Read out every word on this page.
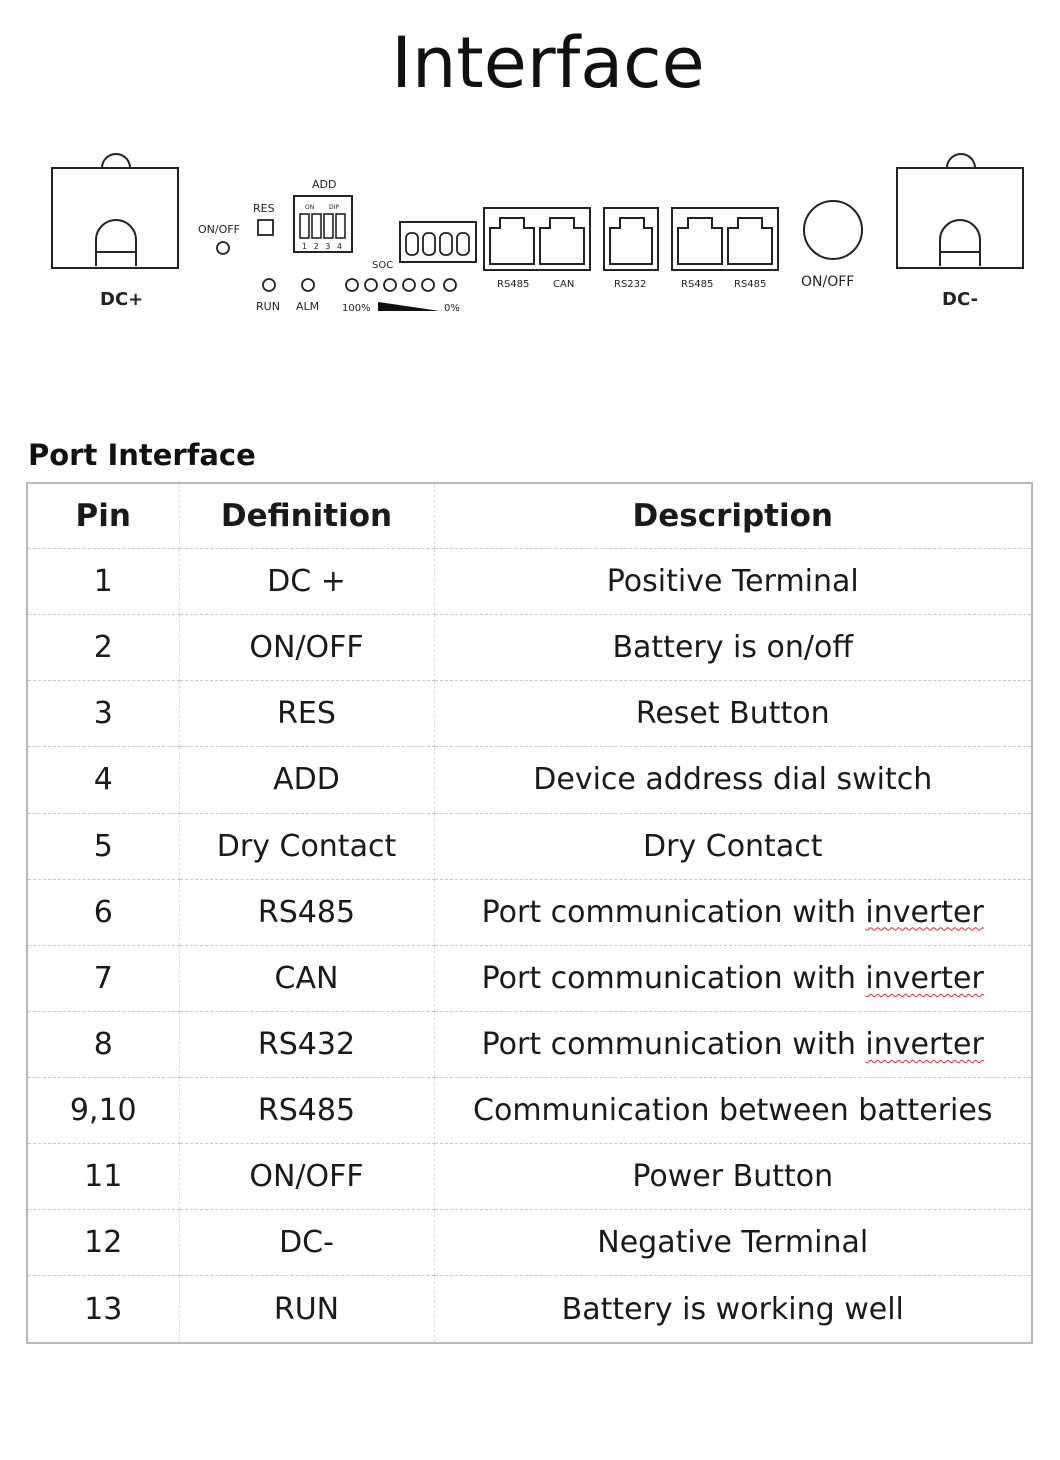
Interface
DC+
ON/OFF
RES
RUN ALM
ADD
ON DIP
1 2 3 4
SOC
100%	0%
RS485 CAN	RS232	RS485 RS485 ON/OFF
DC-
Port Interface
Pin	Definition	Description
1	DC +	Positive Terminal
2	ON/OFF	Battery is on/off
3	RES	Reset Button
4	ADD	Device address dial switch
5	Dry Contact	Dry Contact
6	RS485	Port communication with inverter
7	CAN	Port communication with inverter
8	RS432	Port communication with inverter
9,10	RS485	Communication between batteries
11	ON/OFF	Power Button
12	DC-	Negative Terminal
13	RUN	Battery is working well
